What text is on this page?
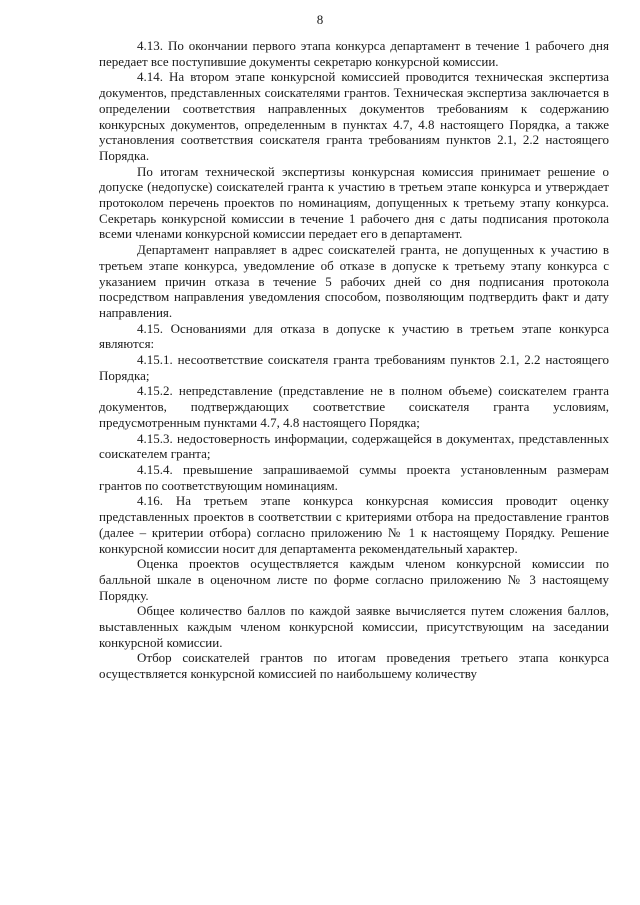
8

4.13. По окончании первого этапа конкурса департамент в течение 1 рабочего дня передает все поступившие документы секретарю конкурсной комиссии.

4.14. На втором этапе конкурсной комиссией проводится техническая экспертиза документов, представленных соискателями грантов. Техническая экспертиза заключается в определении соответствия направленных документов требованиям к содержанию конкурсных документов, определенным в пунктах 4.7, 4.8 настоящего Порядка, а также установления соответствия соискателя гранта требованиям пунктов 2.1, 2.2 настоящего Порядка.

По итогам технической экспертизы конкурсная комиссия принимает решение о допуске (недопуске) соискателей гранта к участию в третьем этапе конкурса и утверждает протоколом перечень проектов по номинациям, допущенных к третьему этапу конкурса. Секретарь конкурсной комиссии в течение 1 рабочего дня с даты подписания протокола всеми членами конкурсной комиссии передает его в департамент.

Департамент направляет в адрес соискателей гранта, не допущенных к участию в третьем этапе конкурса, уведомление об отказе в допуске к третьему этапу конкурса с указанием причин отказа в течение 5 рабочих дней со дня подписания протокола посредством направления уведомления способом, позволяющим подтвердить факт и дату направления.

4.15. Основаниями для отказа в допуске к участию в третьем этапе конкурса являются:

4.15.1. несоответствие соискателя гранта требованиям пунктов 2.1, 2.2 настоящего Порядка;

4.15.2. непредставление (представление не в полном объеме) соискателем гранта документов, подтверждающих соответствие соискателя гранта условиям, предусмотренным пунктами 4.7, 4.8 настоящего Порядка;

4.15.3. недостоверность информации, содержащейся в документах, представленных соискателем гранта;

4.15.4. превышение запрашиваемой суммы проекта установленным размерам грантов по соответствующим номинациям.

4.16. На третьем этапе конкурса конкурсная комиссия проводит оценку представленных проектов в соответствии с критериями отбора на предоставление грантов (далее – критерии отбора) согласно приложению № 1 к настоящему Порядку. Решение конкурсной комиссии носит для департамента рекомендательный характер.

Оценка проектов осуществляется каждым членом конкурсной комиссии по балльной шкале в оценочном листе по форме согласно приложению № 3 настоящему Порядку.

Общее количество баллов по каждой заявке вычисляется путем сложения баллов, выставленных каждым членом конкурсной комиссии, присутствующим на заседании конкурсной комиссии.

Отбор соискателей грантов по итогам проведения третьего этапа конкурса осуществляется конкурсной комиссией по наибольшему количеству
